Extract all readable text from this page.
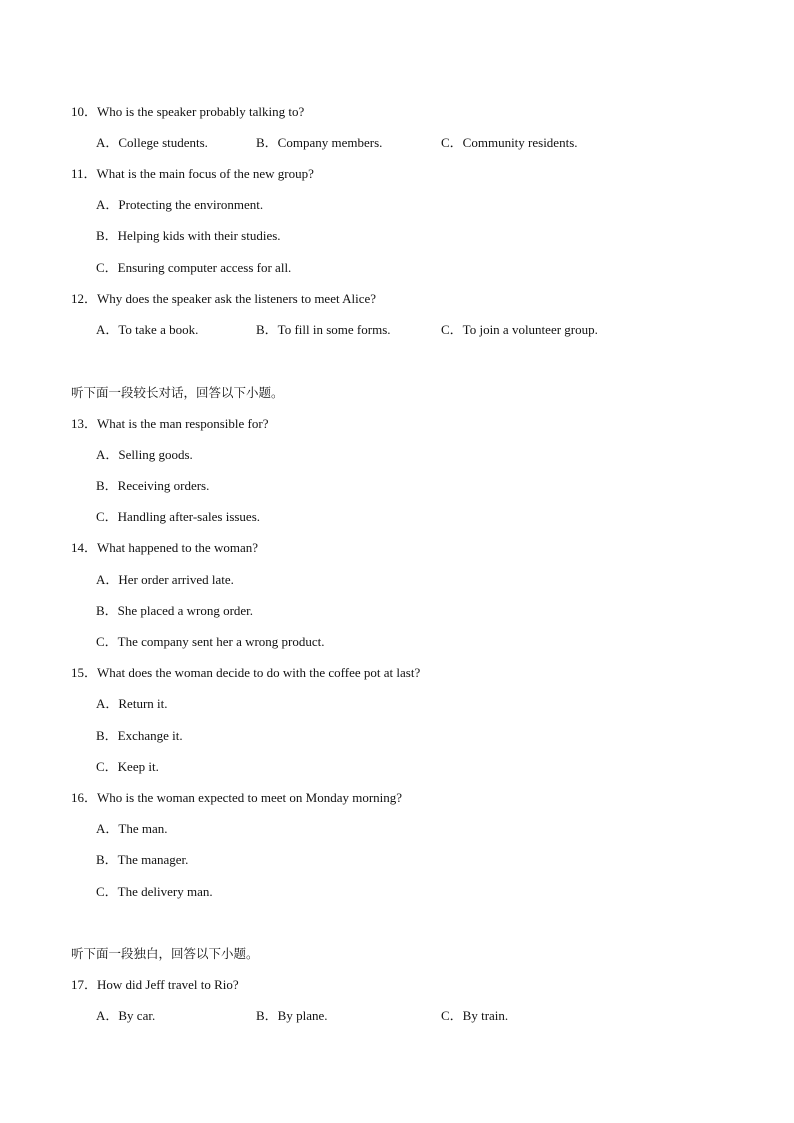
10．Who is the speaker probably talking to?
A．College students.	B．Company members.	C．Community residents.
11．What is the main focus of the new group?
A．Protecting the environment.
B．Helping kids with their studies.
C．Ensuring computer access for all.
12．Why does the speaker ask the listeners to meet Alice?
A．To take a book.	B．To fill in some forms.	C．To join a volunteer group.
听下面一段较长对话，回答以下小题。
13．What is the man responsible for?
A．Selling goods.
B．Receiving orders.
C．Handling after-sales issues.
14．What happened to the woman?
A．Her order arrived late.
B．She placed a wrong order.
C．The company sent her a wrong product.
15．What does the woman decide to do with the coffee pot at last?
A．Return it.
B．Exchange it.
C．Keep it.
16．Who is the woman expected to meet on Monday morning?
A．The man.
B．The manager.
C．The delivery man.
听下面一段独白，回答以下小题。
17．How did Jeff travel to Rio?
A．By car.	B．By plane.	C．By train.
